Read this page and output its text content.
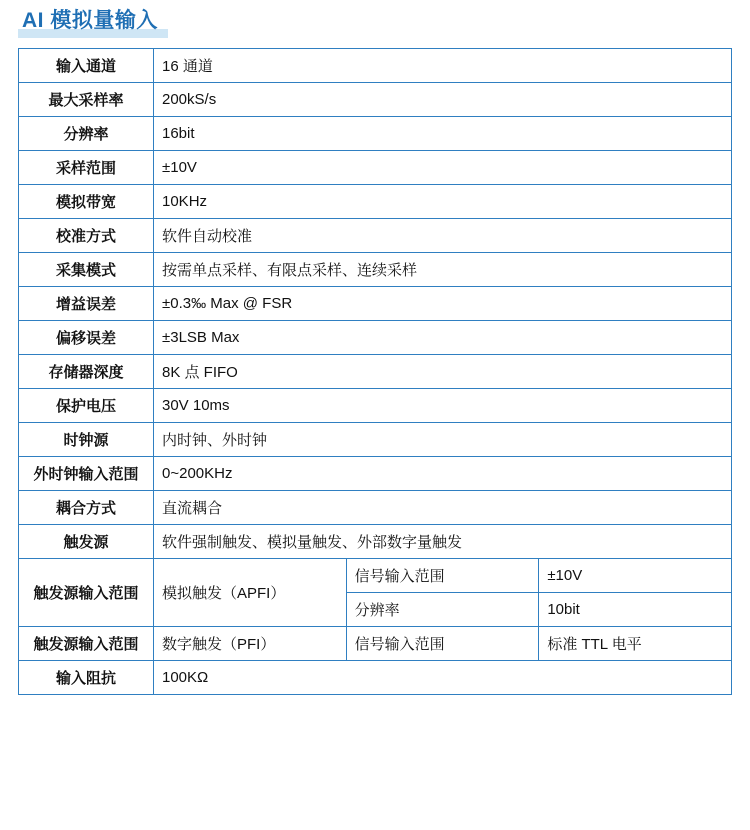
AI 模拟量输入
输入通道	16 通道		
最大采样率	200kS/s		
分辨率	16bit		
采样范围	±10V		
模拟带宽	10KHz		
校准方式	软件自动校准		
采集模式	按需单点采样、有限点采样、连续采样		
增益误差	±0.3‰ Max @ FSR		
偏移误差	±3LSB Max		
存储器深度	8K 点 FIFO		
保护电压	30V 10ms		
时钟源	内时钟、外时钟		
外时钟输入范围	0~200KHz		
耦合方式	直流耦合		
触发源	软件强制触发、模拟量触发、外部数字量触发		
触发源输入范围	模拟触发（APFI）	信号输入范围	±10V
		分辨率	10bit
触发源输入范围	数字触发（PFI）	信号输入范围	标准 TTL 电平
输入阻抗	100KΩ		
